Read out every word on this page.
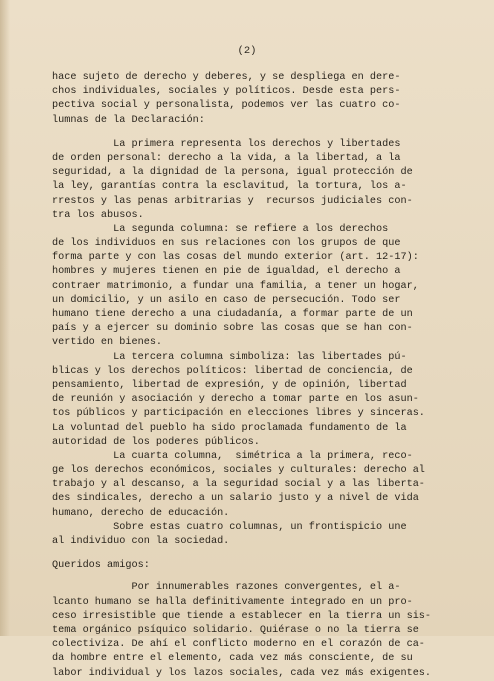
(2)
hace sujeto de derecho y deberes, y se despliega en dere-
chos individuales, sociales y políticos. Desde esta pers-
pectiva social y personalista, podemos ver las cuatro co-
lumnas de la Declaración:
La primera representa los derechos y libertades
de orden personal: derecho a la vida, a la libertad, a la
seguridad, a la dignidad de la persona, igual protección de
la ley, garantías contra la esclavitud, la tortura, los a-
rrestos y las penas arbitrarias y  recursos judiciales con-
tra los abusos.
La segunda columna: se refiere a los derechos
de los individuos en sus relaciones con los grupos de que
forma parte y con las cosas del mundo exterior (art. 12-17):
hombres y mujeres tienen en pie de igualdad, el derecho a
contraer matrimonio, a fundar una familia, a tener un hogar,
un domicilio, y un asilo en caso de persecución. Todo ser
humano tiene derecho a una ciudadanía, a formar parte de un
país y a ejercer su dominio sobre las cosas que se han con-
vertido en bienes.
La tercera columna simboliza: las libertades pú-
blicas y los derechos políticos: libertad de conciencia, de
pensamiento, libertad de expresión, y de opinión, libertad
de reunión y asociación y derecho a tomar parte en los asun-
tos públicos y participación en elecciones libres y sinceras.
La voluntad del pueblo ha sido proclamada fundamento de la
autoridad de los poderes públicos.
La cuarta columna,  simétrica a la primera, reco-
ge los derechos económicos, sociales y culturales: derecho al
trabajo y al descanso, a la seguridad social y a las liberta-
des sindicales, derecho a un salario justo y a nivel de vida
humano, derecho de educación.
Sobre estas cuatro columnas, un frontispicio une
al individuo con la sociedad.
Queridos amigos:
Por innumerables razones convergentes, el a-
lcanto humano se halla definitivamente integrado en un pro-
ceso irresistible que tiende a establecer en la tierra un sis-
tema orgánico psíquico solidario. Quiérase o no la tierra se
colectiviza. De ahí el conflicto moderno en el corazón de ca-
da hombre entre el elemento, cada vez más consciente, de su
labor individual y los lazos sociales, cada vez más exigentes.
